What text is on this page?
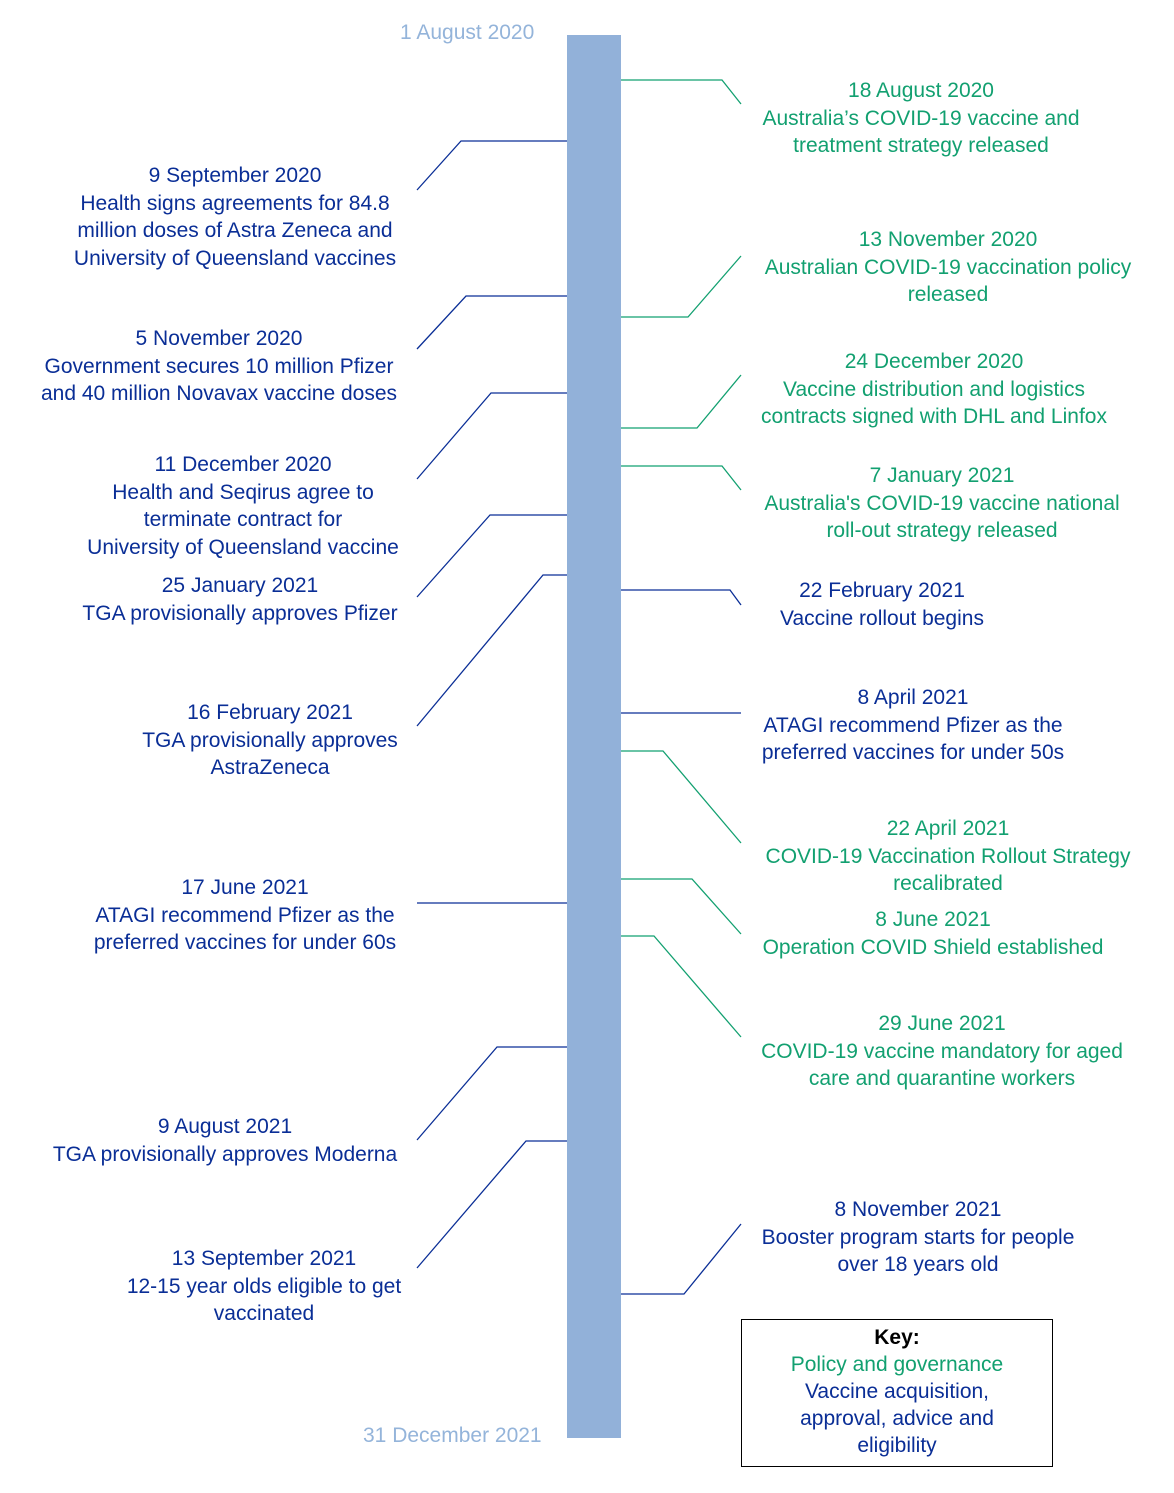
1 August 2020
31 December 2021
9 September 2020
Health signs agreements for 84.8
million doses of Astra Zeneca and
University of Queensland vaccines
5 November 2020
Government secures 10 million Pfizer
and 40 million Novavax vaccine doses
11 December 2020
Health and Seqirus agree to
terminate contract for
University of Queensland vaccine
25 January 2021
TGA provisionally approves Pfizer
16 February 2021
TGA provisionally approves
AstraZeneca
17 June 2021
ATAGI recommend Pfizer as the
preferred vaccines for under 60s
9 August 2021
TGA provisionally approves Moderna
13 September 2021
12-15 year olds eligible to get
vaccinated
18 August 2020
Australia’s COVID-19 vaccine and
treatment strategy released
13 November 2020
Australian COVID-19 vaccination policy
released
24 December 2020
Vaccine distribution and logistics
contracts signed with DHL and Linfox
7 January 2021
Australia's COVID-19 vaccine national
roll-out strategy released
22 February 2021
Vaccine rollout begins
8 April 2021
ATAGI recommend Pfizer as the
preferred vaccines for under 50s
22 April 2021
COVID-19 Vaccination Rollout Strategy
recalibrated
8 June 2021
Operation COVID Shield established
29 June 2021
COVID-19 vaccine mandatory for aged
care and quarantine workers
8 November 2021
Booster program starts for people
over 18 years old
Key:
Policy and governance
Vaccine acquisition,
approval, advice and
eligibility
